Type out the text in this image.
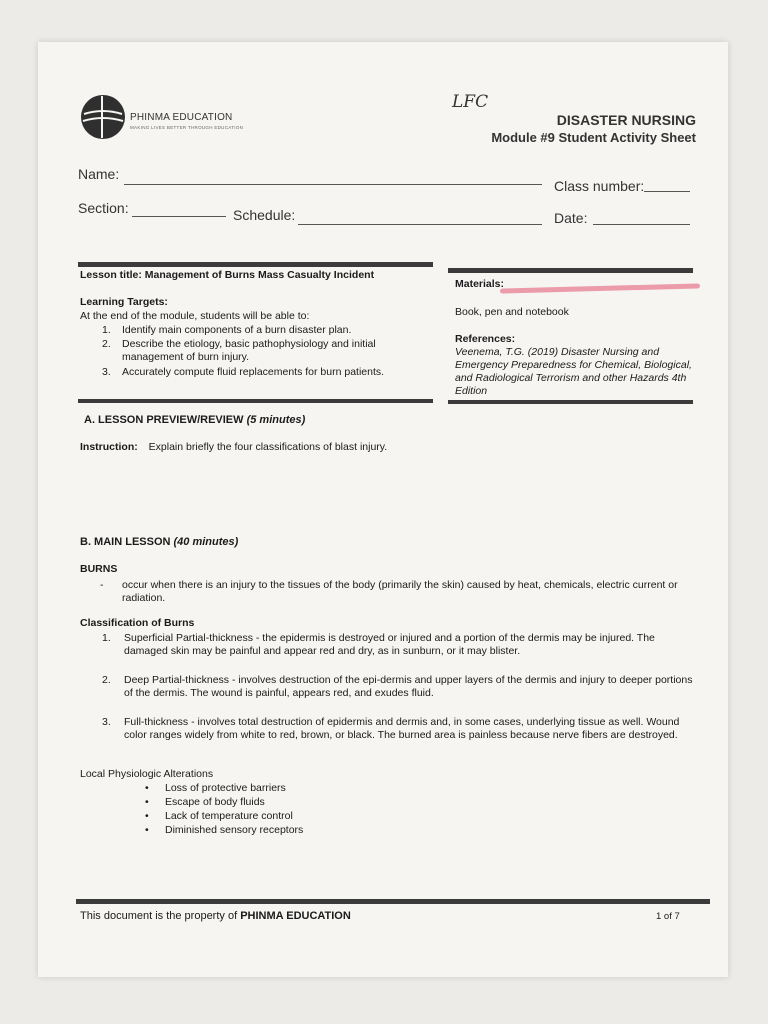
PHINMA EDUCATION
MAKING LIVES BETTER THROUGH EDUCATION
LFC
DISASTER NURSING
Module #9 Student Activity Sheet
Name:
Class number:
Section:	Schedule:	Date:
Lesson title: Management of Burns Mass Casualty Incident
Materials:
Learning Targets:
At the end of the module, students will be able to:
1. Identify main components of a burn disaster plan.
2. Describe the etiology, basic pathophysiology and initial
management of burn injury.
3. Accurately compute fluid replacements for burn patients.
Book, pen and notebook
References:
Veenema, T.G. (2019) Disaster Nursing and Emergency Preparedness for Chemical, Biological, and Radiological Terrorism and other Hazards 4th Edition
A. LESSON PREVIEW/REVIEW (5 minutes)
Instruction: Explain briefly the four classifications of blast injury.
B. MAIN LESSON (40 minutes)
BURNS
- occur when there is an injury to the tissues of the body (primarily the skin) caused by heat, chemicals, electric current or radiation.
Classification of Burns
1. Superficial Partial-thickness - the epidermis is destroyed or injured and a portion of the dermis may be injured. The damaged skin may be painful and appear red and dry, as in sunburn, or it may blister.
2. Deep Partial-thickness - involves destruction of the epi-dermis and upper layers of the dermis and injury to deeper portions of the dermis. The wound is painful, appears red, and exudes fluid.
3. Full-thickness - involves total destruction of epidermis and dermis and, in some cases, underlying tissue as well. Wound color ranges widely from white to red, brown, or black. The burned area is painless because nerve fibers are destroyed.
Local Physiologic Alterations
• Loss of protective barriers
• Escape of body fluids
• Lack of temperature control
• Diminished sensory receptors
This document is the property of PHINMA EDUCATION	1 of 7
